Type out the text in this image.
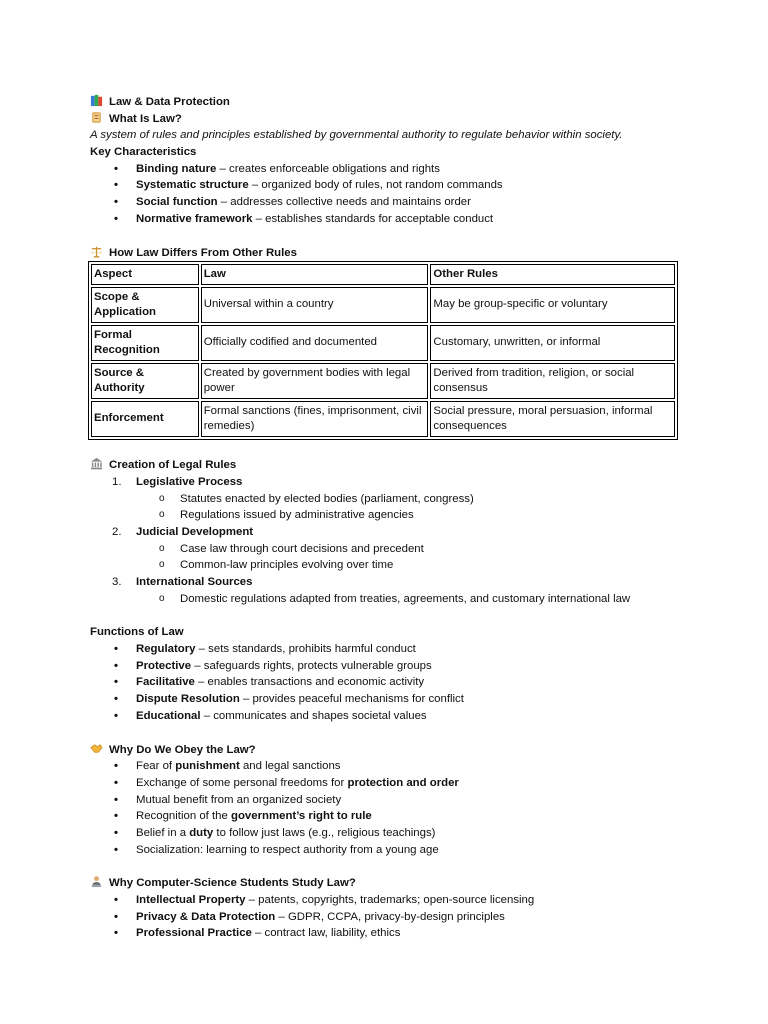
Law & Data Protection
What Is Law?
A system of rules and principles established by governmental authority to regulate behavior within society.
Key Characteristics
• Binding nature – creates enforceable obligations and rights
• Systematic structure – organized body of rules, not random commands
• Social function – addresses collective needs and maintains order
• Normative framework – establishes standards for acceptable conduct
How Law Differs From Other Rules
Aspect	Law	Other Rules
Scope & Application	Universal within a country	May be group-specific or voluntary
Formal Recognition	Officially codified and documented	Customary, unwritten, or informal
Source & Authority	Created by government bodies with legal power	Derived from tradition, religion, or social consensus
Enforcement	Formal sanctions (fines, imprisonment, civil remedies)	Social pressure, moral persuasion, informal consequences
Creation of Legal Rules
1. Legislative Process
o Statutes enacted by elected bodies (parliament, congress)
o Regulations issued by administrative agencies
2. Judicial Development
o Case law through court decisions and precedent
o Common-law principles evolving over time
3. International Sources
o Domestic regulations adapted from treaties, agreements, and customary international law
Functions of Law
• Regulatory – sets standards, prohibits harmful conduct
• Protective – safeguards rights, protects vulnerable groups
• Facilitative – enables transactions and economic activity
• Dispute Resolution – provides peaceful mechanisms for conflict
• Educational – communicates and shapes societal values
Why Do We Obey the Law?
• Fear of punishment and legal sanctions
• Exchange of some personal freedoms for protection and order
• Mutual benefit from an organized society
• Recognition of the government’s right to rule
• Belief in a duty to follow just laws (e.g., religious teachings)
• Socialization: learning to respect authority from a young age
Why Computer-Science Students Study Law?
• Intellectual Property – patents, copyrights, trademarks; open-source licensing
• Privacy & Data Protection – GDPR, CCPA, privacy-by-design principles
• Professional Practice – contract law, liability, ethics
